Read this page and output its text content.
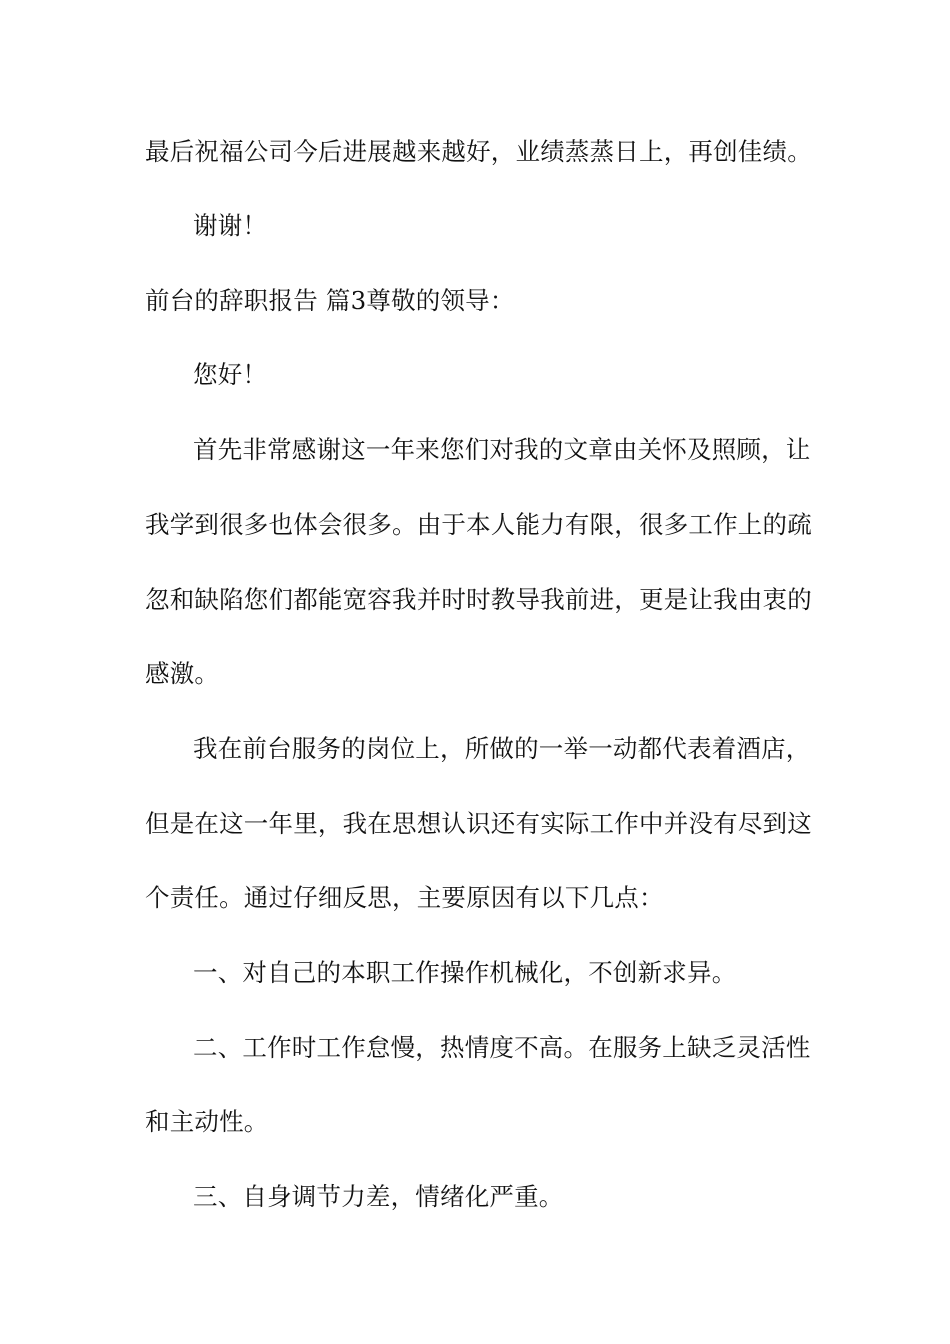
最后祝福公司今后进展越来越好，业绩蒸蒸日上，再创佳绩。
谢谢！
前台的辞职报告 篇3尊敬的领导：
您好！
首先非常感谢这一年来您们对我的文章由关怀及照顾，让
我学到很多也体会很多。由于本人能力有限，很多工作上的疏
忽和缺陷您们都能宽容我并时时教导我前进，更是让我由衷的
感激。
我在前台服务的岗位上，所做的一举一动都代表着酒店，
但是在这一年里，我在思想认识还有实际工作中并没有尽到这
个责任。通过仔细反思，主要原因有以下几点：
一、对自己的本职工作操作机械化，不创新求异。
二、工作时工作怠慢，热情度不高。在服务上缺乏灵活性
和主动性。
三、自身调节力差，情绪化严重。
